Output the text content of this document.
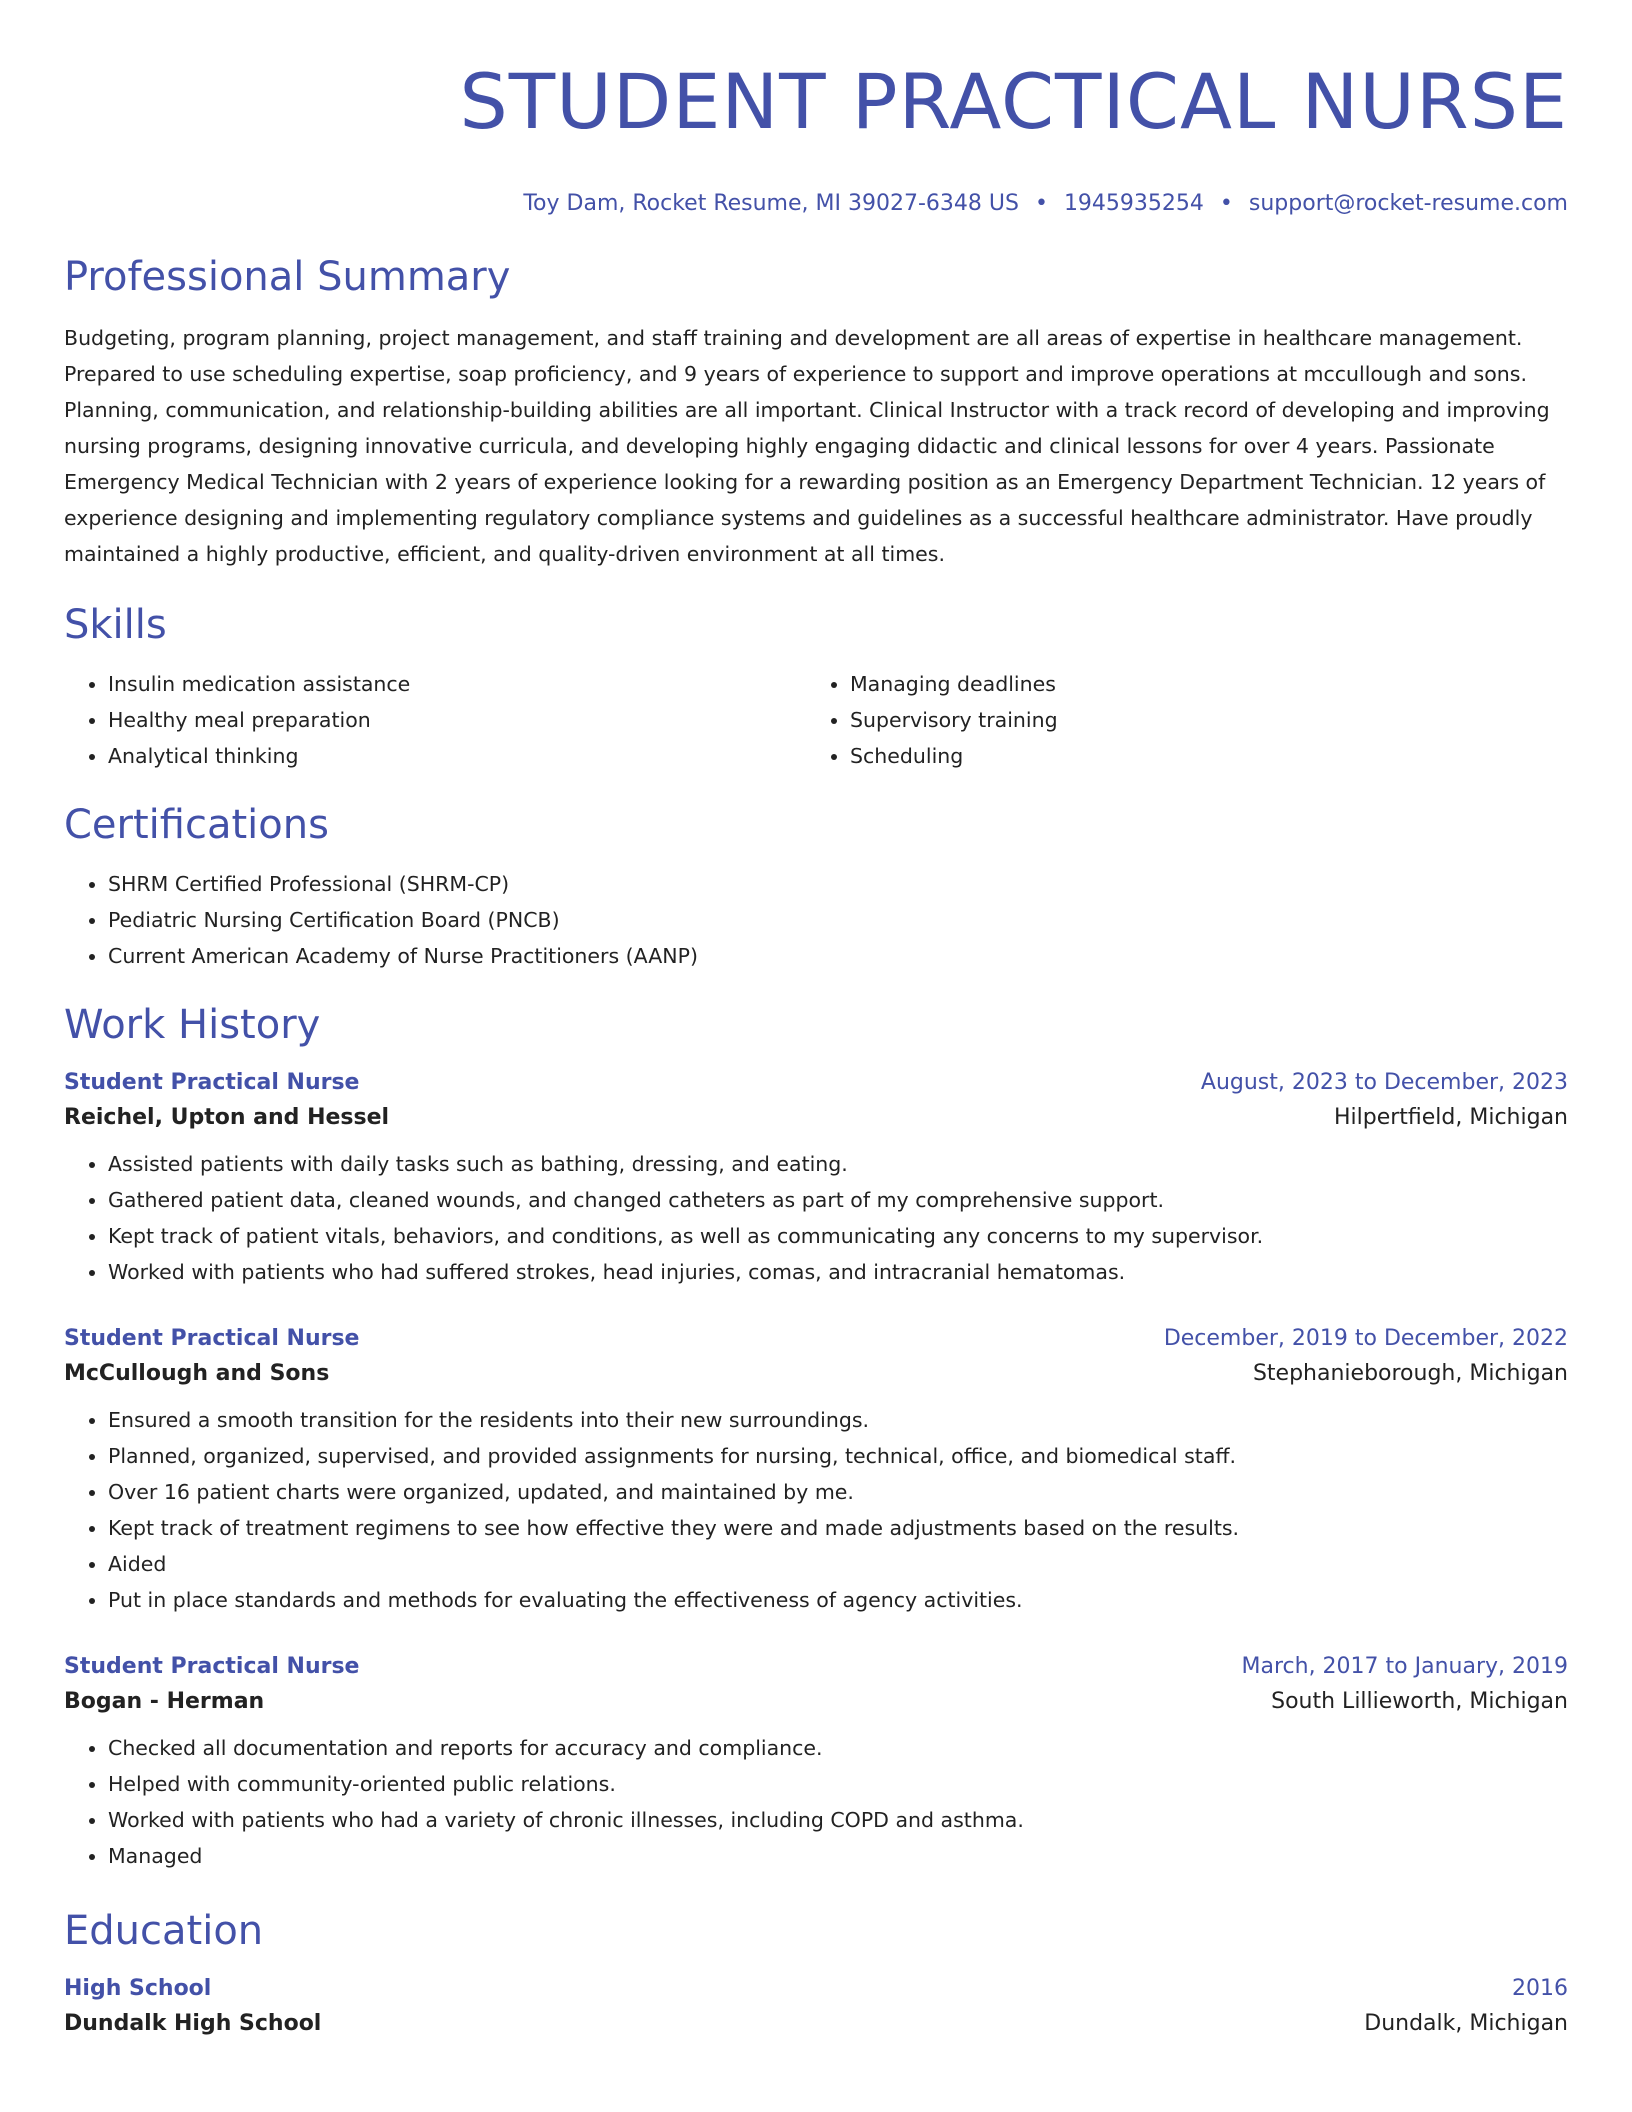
STUDENT PRACTICAL NURSE
Toy Dam, Rocket Resume, MI 39027-6348 US • 1945935254 • support@rocket-resume.com
Professional Summary
Budgeting, program planning, project management, and staff training and development are all areas of expertise in healthcare management. Prepared to use scheduling expertise, soap proficiency, and 9 years of experience to support and improve operations at mccullough and sons. Planning, communication, and relationship-building abilities are all important. Clinical Instructor with a track record of developing and improving nursing programs, designing innovative curricula, and developing highly engaging didactic and clinical lessons for over 4 years. Passionate Emergency Medical Technician with 2 years of experience looking for a rewarding position as an Emergency Department Technician. 12 years of experience designing and implementing regulatory compliance systems and guidelines as a successful healthcare administrator. Have proudly maintained a highly productive, efficient, and quality-driven environment at all times.
Skills
• Insulin medication assistance
• Healthy meal preparation
• Analytical thinking
• Managing deadlines
• Supervisory training
• Scheduling
Certifications
• SHRM Certified Professional (SHRM-CP)
• Pediatric Nursing Certification Board (PNCB)
• Current American Academy of Nurse Practitioners (AANP)
Work History
Student Practical Nurse	August, 2023 to December, 2023
Reichel, Upton and Hessel	Hilpertfield, Michigan
• Assisted patients with daily tasks such as bathing, dressing, and eating.
• Gathered patient data, cleaned wounds, and changed catheters as part of my comprehensive support.
• Kept track of patient vitals, behaviors, and conditions, as well as communicating any concerns to my supervisor.
• Worked with patients who had suffered strokes, head injuries, comas, and intracranial hematomas.
Student Practical Nurse	December, 2019 to December, 2022
McCullough and Sons	Stephanieborough, Michigan
• Ensured a smooth transition for the residents into their new surroundings.
• Planned, organized, supervised, and provided assignments for nursing, technical, office, and biomedical staff.
• Over 16 patient charts were organized, updated, and maintained by me.
• Kept track of treatment regimens to see how effective they were and made adjustments based on the results.
• Aided
• Put in place standards and methods for evaluating the effectiveness of agency activities.
Student Practical Nurse	March, 2017 to January, 2019
Bogan - Herman	South Lillieworth, Michigan
• Checked all documentation and reports for accuracy and compliance.
• Helped with community-oriented public relations.
• Worked with patients who had a variety of chronic illnesses, including COPD and asthma.
• Managed
Education
High School	2016
Dundalk High School	Dundalk, Michigan
